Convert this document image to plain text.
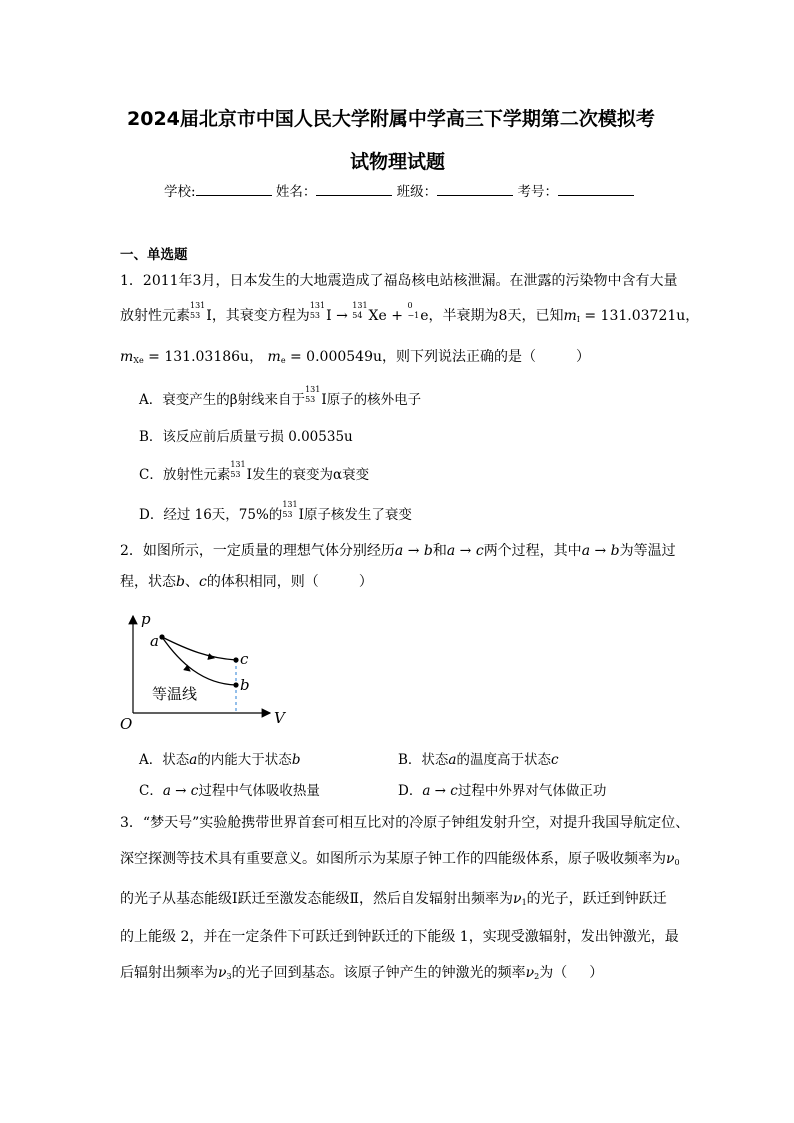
2024届北京市中国人民大学附属中学高三下学期第二次模拟考
试物理试题
学校:	姓名：	班级：	考号：
一、单选题
1．2011年3月，日本发生的大地震造成了福岛核电站核泄漏。在泄露的污染物中含有大量
放射性元素
131
53 I，其衰变方程为
131
53 I →
131
54 Xe +
0
−1 e，半衰期为8天，已知$m_I = 131.03721u$，
$m_{Xe} = 131.03186u$， $m_e = 0.000549u$，则下列说法正确的是（	）
A．衰变产生的β射线来自于
131
53 I原子的核外电子
B．该反应前后质量亏损 0.00535u
C．放射性元素
131
53 I发生的衰变为α衰变
D．经过 16天，75%的
131
53 I原子核发生了衰变
2．如图所示，一定质量的理想气体分别经历a → b和a → c两个过程，其中a → b为等温过
程，状态b、c的体积相同，则（	）
p
V
O
a
c
b
等温线
A．状态a的内能大于状态b	B．状态a的温度高于状态c
C．a → c过程中气体吸收热量	D．a → c过程中外界对气体做正功
3．“梦天号”实验舱携带世界首套可相互比对的冷原子钟组发射升空，对提升我国导航定位、
深空探测等技术具有重要意义。如图所示为某原子钟工作的四能级体系，原子吸收频率为$\nu_0$
的光子从基态能级Ⅰ跃迁至激发态能级Ⅱ，然后自发辐射出频率为$\nu_1$的光子，跃迁到钟跃迁
的上能级 2，并在一定条件下可跃迁到钟跃迁的下能级 1，实现受激辐射，发出钟激光，最
后辐射出频率为$\nu_3$的光子回到基态。该原子钟产生的钟激光的频率$\nu_2$为（ ）
